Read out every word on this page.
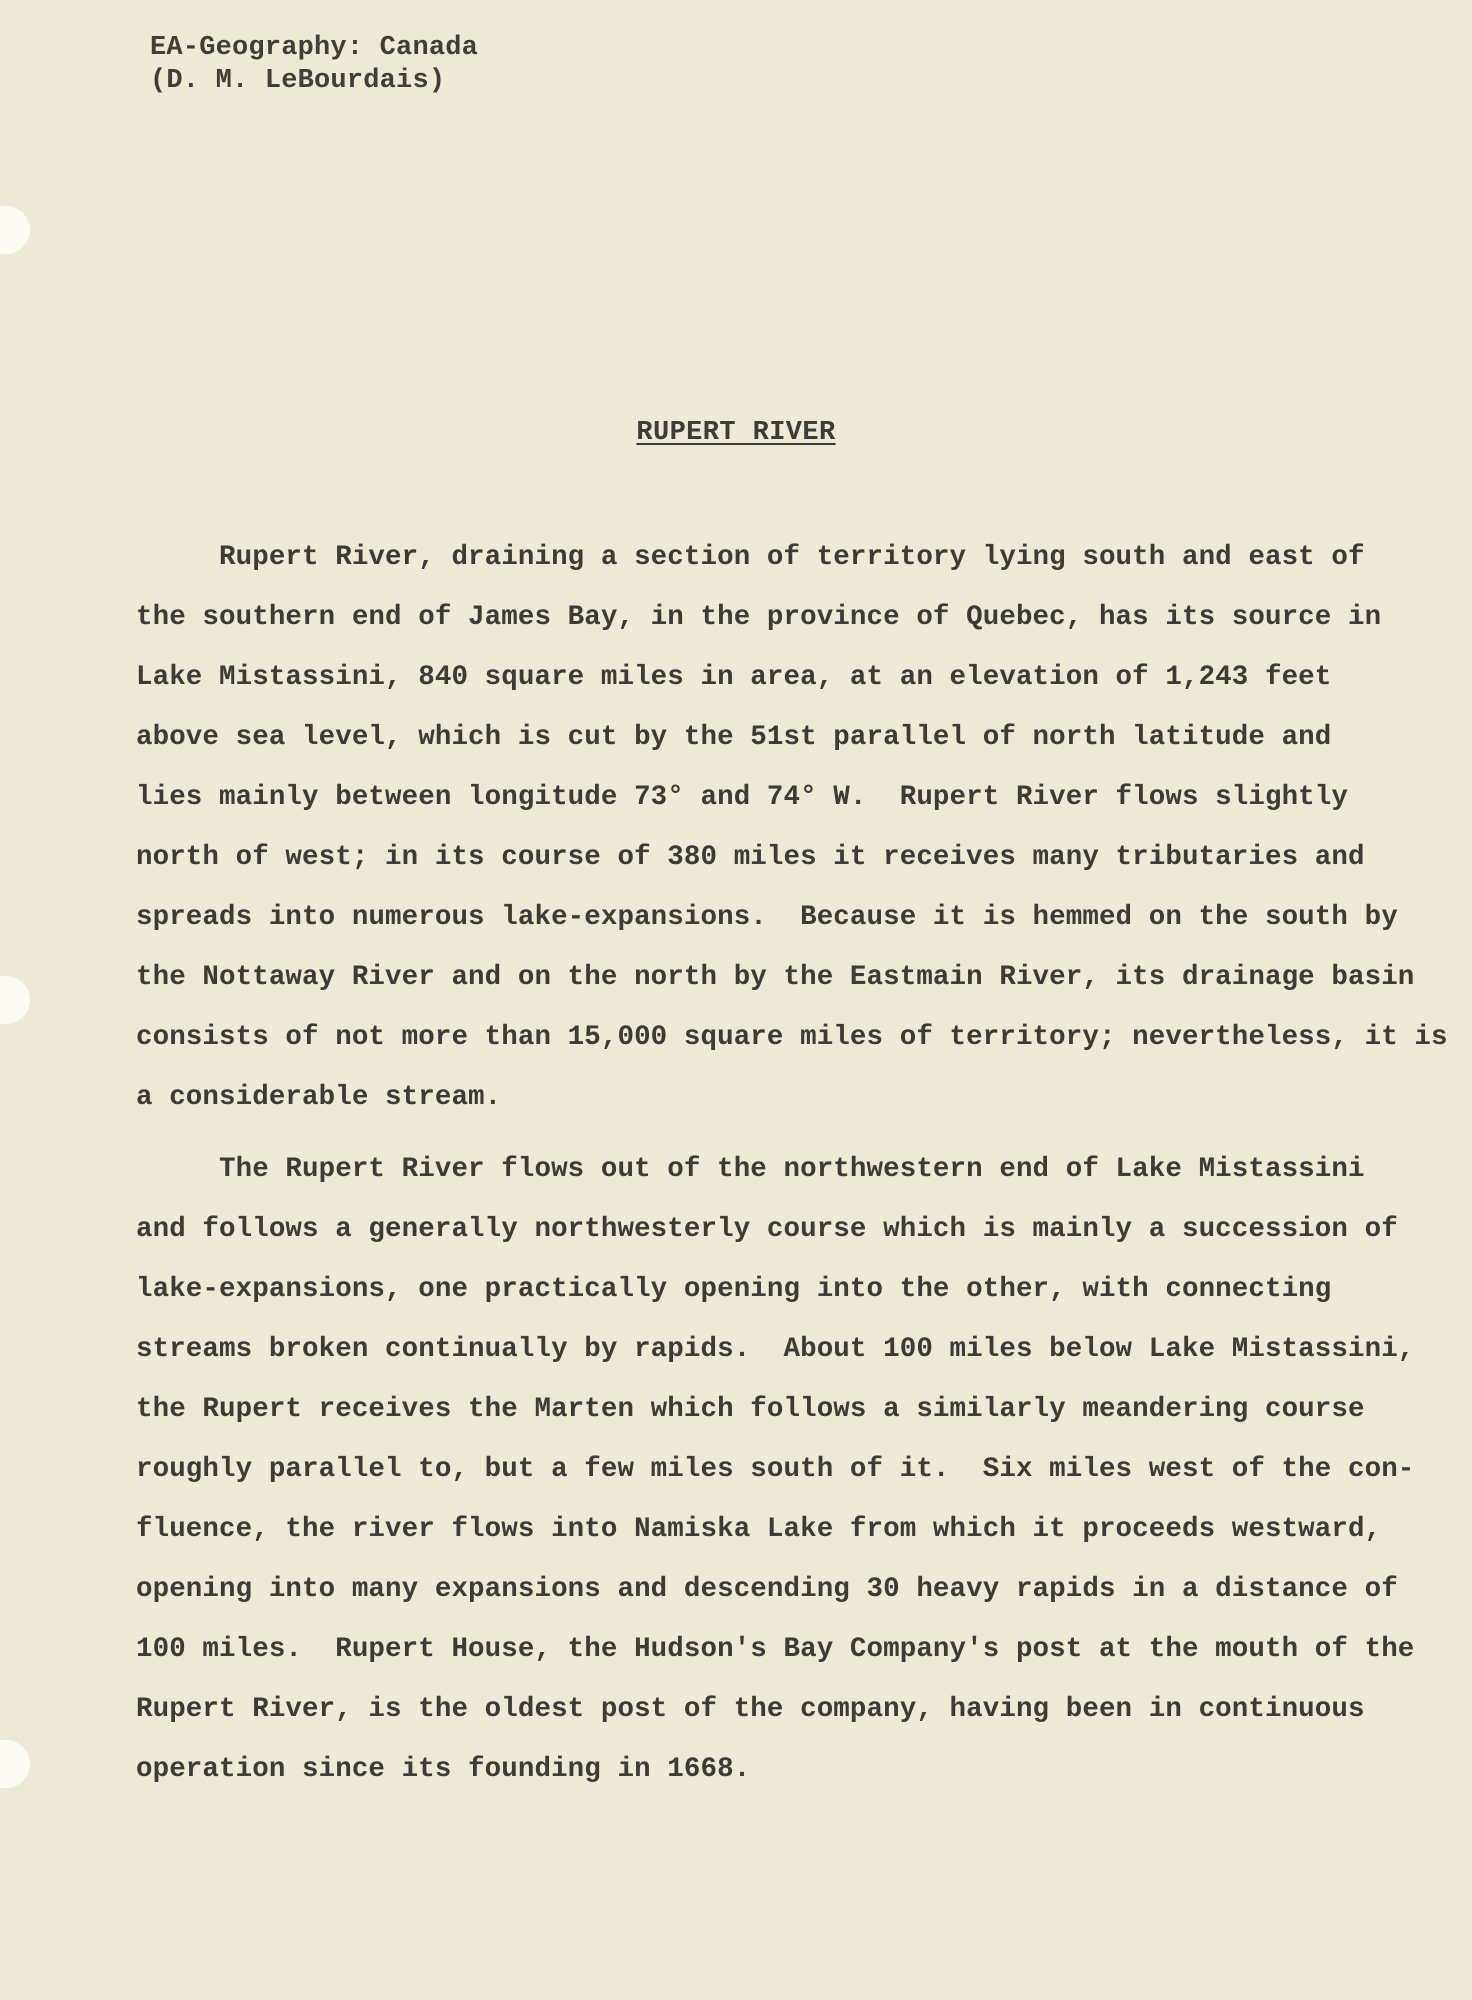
EA-Geography: Canada
(D. M. LeBourdais)
RUPERT RIVER
Rupert River, draining a section of territory lying south and east of
the southern end of James Bay, in the province of Quebec, has its source in
Lake Mistassini, 840 square miles in area, at an elevation of 1,243 feet
above sea level, which is cut by the 51st parallel of north latitude and
lies mainly between longitude 73° and 74° W.  Rupert River flows slightly
north of west; in its course of 380 miles it receives many tributaries and
spreads into numerous lake-expansions.  Because it is hemmed on the south by
the Nottaway River and on the north by the Eastmain River, its drainage basin
consists of not more than 15,000 square miles of territory; nevertheless, it is
a considerable stream.
The Rupert River flows out of the northwestern end of Lake Mistassini
and follows a generally northwesterly course which is mainly a succession of
lake-expansions, one practically opening into the other, with connecting
streams broken continually by rapids.  About 100 miles below Lake Mistassini,
the Rupert receives the Marten which follows a similarly meandering course
roughly parallel to, but a few miles south of it.  Six miles west of the con-
fluence, the river flows into Namiska Lake from which it proceeds westward,
opening into many expansions and descending 30 heavy rapids in a distance of
100 miles.  Rupert House, the Hudson's Bay Company's post at the mouth of the
Rupert River, is the oldest post of the company, having been in continuous
operation since its founding in 1668.
